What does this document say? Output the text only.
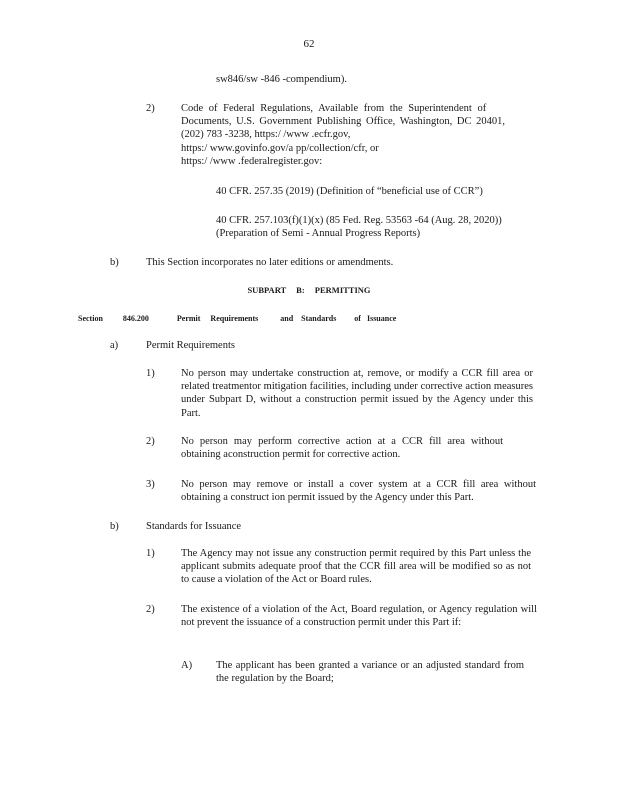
62
sw846/sw -846 -compendium).
2)	Code of Federal Regulations, Available from the Superintendent of
Documents, U.S. Government Publishing Office, Washington, DC 20401,
(202) 783 -3238, https:/ /www .ecfr.gov,
https:/ www.govinfo.gov/a pp/collection/cfr, or
https:/ /www .federalregister.gov:
40 CFR. 257.35 (2019) (Definition of “beneficial use of CCR”)
40 CFR. 257.103(f)(1)(x) (85 Fed. Reg. 53563 -64 (Aug. 28, 2020))
(Preparation of Semi - Annual Progress Reports)
b)	This Section incorporates no later editions or amendments.
SUBPART B: PERMITTING
Section	846.200	Permit     Requirements           and    Standards         of   Issuance
a)	Permit Requirements
1)	No person may undertake construction at, remove, or modify a CCR fill area or related treatmentor mitigation facilities, including under corrective action measures under Subpart D, without a construction permit issued by the Agency under this Part.
2)	No person may perform corrective action at a CCR fill area without obtaining aconstruction permit for corrective action.
3)	No person may remove or install a cover system at a CCR fill area without obtaining a construct ion permit issued by the Agency under this Part.
b)	Standards for Issuance
1)	The Agency may not issue any construction permit required by this Part unless the applicant submits adequate proof that the CCR fill area will be modified so as not to cause a violation of the Act or Board rules.
2)	The existence of a violation of the Act, Board regulation, or Agency regulation will not prevent the issuance of a construction permit under this Part if:
A) The applicant has been granted a variance or an adjusted standard from the regulation by the Board;
